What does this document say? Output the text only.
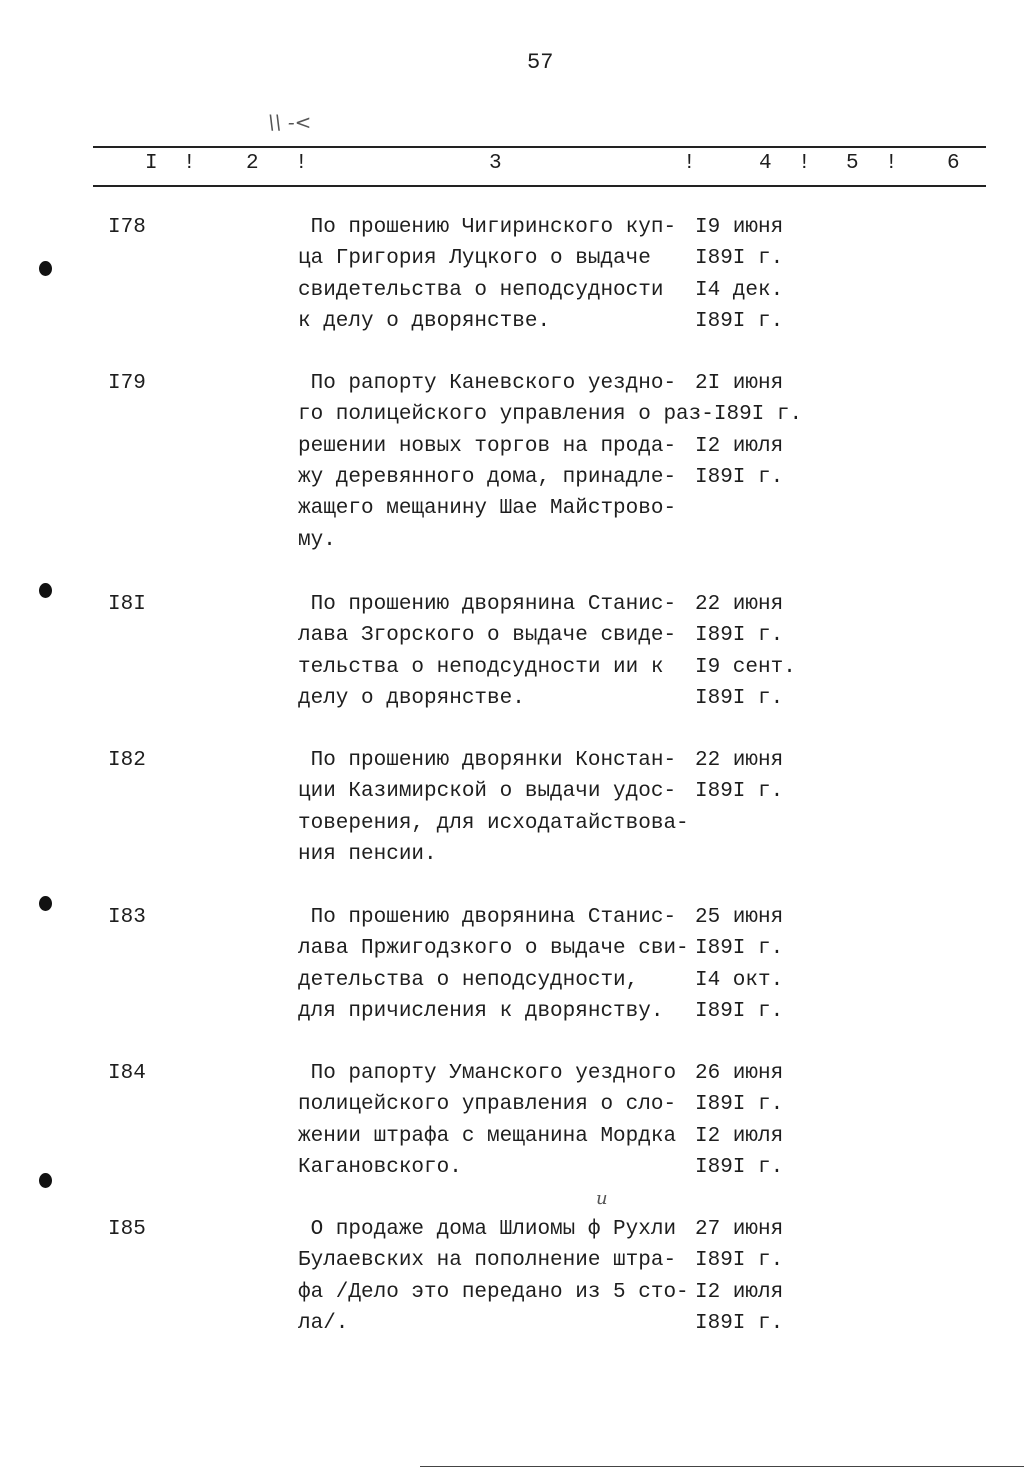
57
\\ -<
и
I ! 2 !	3	!	4 ! 5 ! 6
I78	По прошению Чигиринского куп- I9 июня
ца Григория Луцкого о выдаче	I89I г.
свидетельства о неподсудности	I4 дек.
к делу о дворянстве.	I89I г.
I79	По рапорту Каневского уездно- 2I июня
го полицейского управления о раз- I89I г.
решении новых торгов на прода- I2 июля
жу деревянного дома, принадле- I89I г.
жащего мещанину Шае Майстрово-
му.
I8I	По прошению дворянина Станис- 22 июня
лава Згорского о выдаче свиде- I89I г.
тельства о неподсудности ии к	I9 сент.
делу о дворянстве.	I89I г.
I82	По прошению дворянки Констан- 22 июня
ции Казимирской о выдачи удос- I89I г.
товерения, для исходатайствова-
ния пенсии.
I83	По прошению дворянина Станис- 25 июня
лава Пржигодзкого о выдаче сви- I89I г.
детельства о неподсудности,	I4 окт.
для причисления к дворянству.	I89I г.
I84	По рапорту Уманского уездного 26 июня
полицейского управления о сло- I89I г.
жении штрафа с мещанина Мордка I2 июля
Кагановского.	I89I г.
I85	О продаже дома Шлиомы ф Рухли 27 июня
Булаевских на пополнение штра- I89I г.
фа /Дело это передано из 5 сто- I2 июля
ла/.	I89I г.
